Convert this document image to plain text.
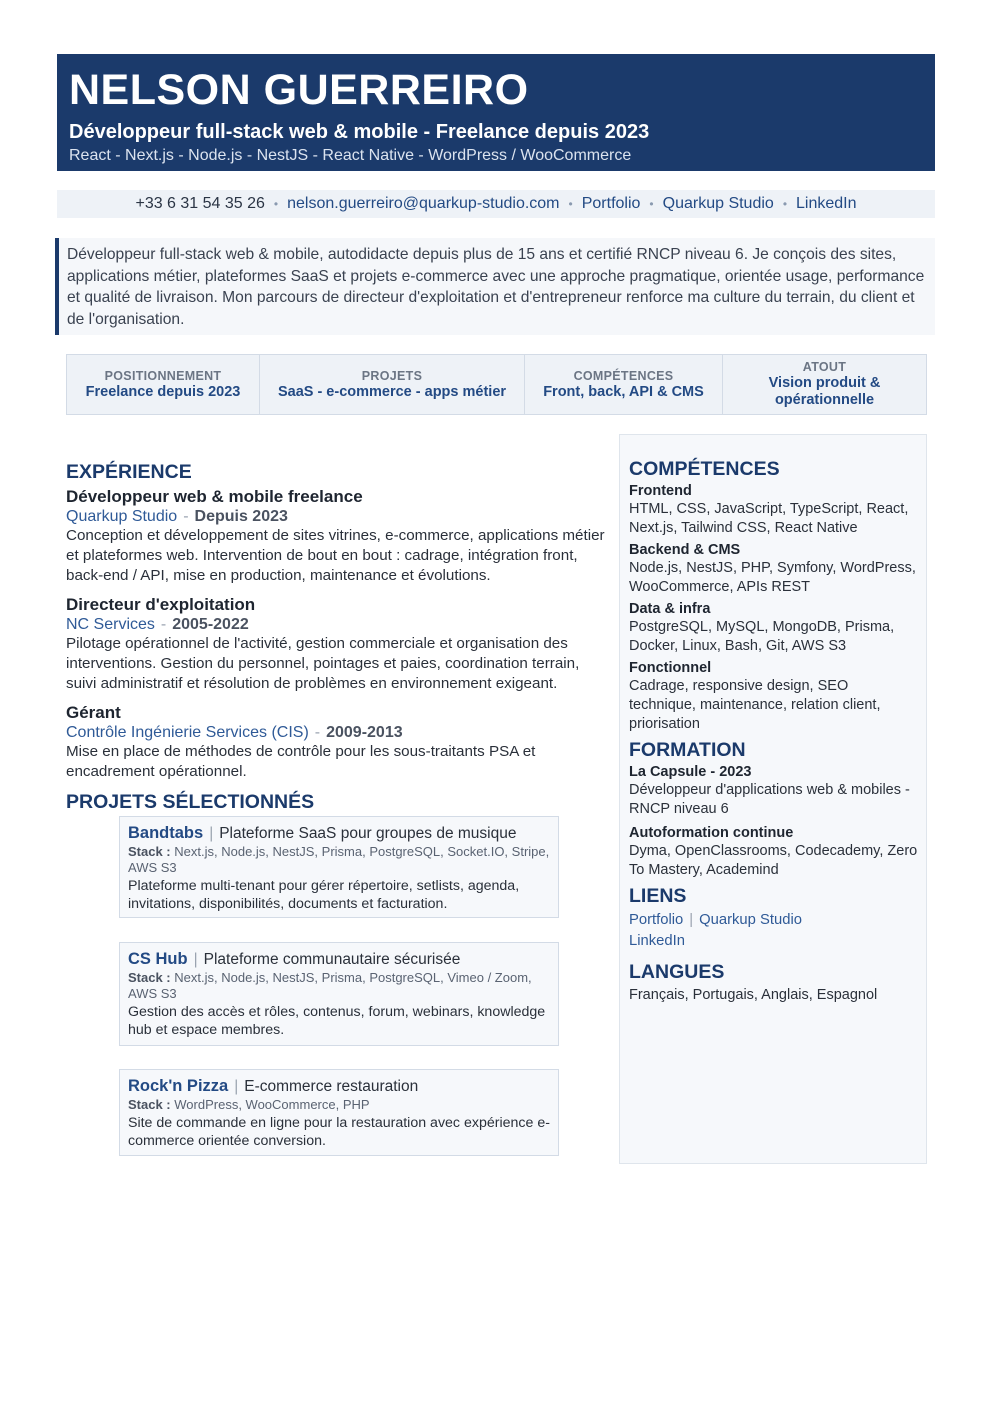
NELSON GUERREIRO
Développeur full-stack web & mobile - Freelance depuis 2023
React - Next.js - Node.js - NestJS - React Native - WordPress / WooCommerce
+33 6 31 54 35 26 • nelson.guerreiro@quarkup-studio.com • Portfolio • Quarkup Studio • LinkedIn
Développeur full-stack web & mobile, autodidacte depuis plus de 15 ans et certifié RNCP niveau 6. Je conçois des sites, applications métier, plateformes SaaS et projets e-commerce avec une approche pragmatique, orientée usage, performance et qualité de livraison. Mon parcours de directeur d'exploitation et d'entrepreneur renforce ma culture du terrain, du client et de l'organisation.
POSITIONNEMENT
Freelance depuis 2023
PROJETS
SaaS - e-commerce - apps métier
COMPÉTENCES
Front, back, API & CMS
ATOUT
Vision produit & opérationnelle
EXPÉRIENCE
Développeur web & mobile freelance
Quarkup Studio - Depuis 2023
Conception et développement de sites vitrines, e-commerce, applications métier et plateformes web. Intervention de bout en bout : cadrage, intégration front, back-end / API, mise en production, maintenance et évolutions.
Directeur d'exploitation
NC Services - 2005-2022
Pilotage opérationnel de l'activité, gestion commerciale et organisation des interventions. Gestion du personnel, pointages et paies, coordination terrain, suivi administratif et résolution de problèmes en environnement exigeant.
Gérant
Contrôle Ingénierie Services (CIS) - 2009-2013
Mise en place de méthodes de contrôle pour les sous-traitants PSA et encadrement opérationnel.
PROJETS SÉLECTIONNÉS
Bandtabs | Plateforme SaaS pour groupes de musique
Stack : Next.js, Node.js, NestJS, Prisma, PostgreSQL, Socket.IO, Stripe, AWS S3
Plateforme multi-tenant pour gérer répertoire, setlists, agenda, invitations, disponibilités, documents et facturation.
CS Hub | Plateforme communautaire sécurisée
Stack : Next.js, Node.js, NestJS, Prisma, PostgreSQL, Vimeo / Zoom, AWS S3
Gestion des accès et rôles, contenus, forum, webinars, knowledge hub et espace membres.
Rock'n Pizza | E-commerce restauration
Stack : WordPress, WooCommerce, PHP
Site de commande en ligne pour la restauration avec expérience e-commerce orientée conversion.
COMPÉTENCES
Frontend
HTML, CSS, JavaScript, TypeScript, React, Next.js, Tailwind CSS, React Native
Backend & CMS
Node.js, NestJS, PHP, Symfony, WordPress, WooCommerce, APIs REST
Data & infra
PostgreSQL, MySQL, MongoDB, Prisma, Docker, Linux, Bash, Git, AWS S3
Fonctionnel
Cadrage, responsive design, SEO technique, maintenance, relation client, priorisation
FORMATION
La Capsule - 2023
Développeur d'applications web & mobiles - RNCP niveau 6
Autoformation continue
Dyma, OpenClassrooms, Codecademy, Zero To Mastery, Academind
LIENS
Portfolio | Quarkup Studio
LinkedIn
LANGUES
Français, Portugais, Anglais, Espagnol
